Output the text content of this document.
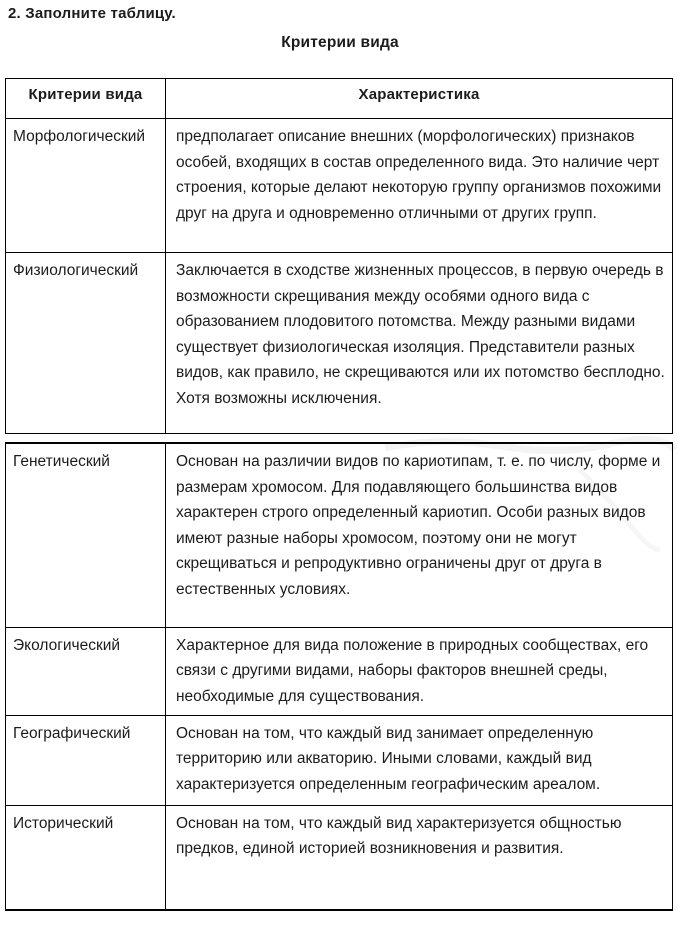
2. Заполните таблицу.
Критерии вида
Критерии вида	Характеристика
Морфологический	предполагает описание внешних (морфологических) признаков особей, входящих в состав определенного вида. Это наличие черт строения, которые делают некоторую группу организмов похожими друг на друга и одновременно отличными от других групп.
Физиологический	Заключается в сходстве жизненных процессов, в первую очередь в возможности скрещивания между особями одного вида с образованием плодовитого потомства. Между разными видами существует физиологическая изоляция. Представители разных видов, как правило, не скрещиваются или их потомство бесплодно. Хотя возможны исключения.
Генетический	Основан на различии видов по кариотипам, т. е. по числу, форме и размерам хромосом. Для подавляющего большинства видов характерен строго определенный кариотип. Особи разных видов имеют разные наборы хромосом, поэтому они не могут скрещиваться и репродуктивно ограничены друг от друга в естественных условиях.
Экологический	Характерное для вида положение в природных сообществах, его связи с другими видами, наборы факторов внешней среды, необходимые для существования.
Географический	Основан на том, что каждый вид занимает определенную территорию или акваторию. Иными словами, каждый вид характеризуется определенным географическим ареалом.
Исторический	Основан на том, что каждый вид характеризуется общностью предков, единой историей возникновения и развития.
